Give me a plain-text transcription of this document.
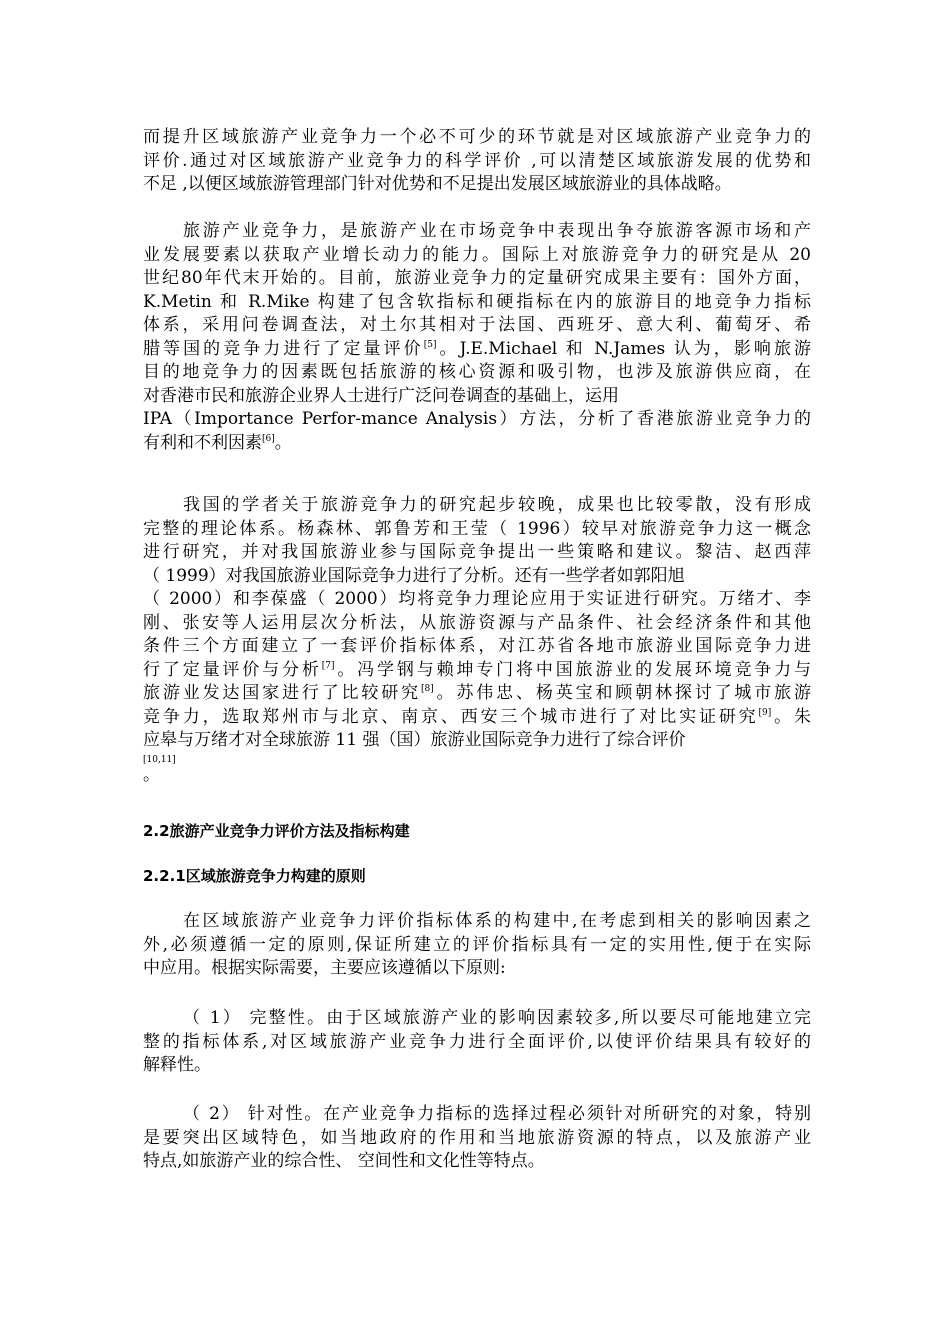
而提升区域旅游产业竞争力一个必不可少的环节就是对区域旅游产业竞争力的
评价.通过对区域旅游产业竞争力的科学评价 ,可以清楚区域旅游发展的优势和
不足 ,以便区域旅游管理部门针对优势和不足提出发展区域旅游业的具体战略。

旅游产业竞争力，是旅游产业在市场竞争中表现出争夺旅游客源市场和产
业发展要素以获取产业增长动力的能力。国际上对旅游竞争力的研究是从 20
世纪80年代末开始的。目前，旅游业竞争力的定量研究成果主要有：国外方面，
K.Metin 和 R.Mike 构建了包含软指标和硬指标在内的旅游目的地竞争力指标
体系，采用问卷调查法，对土尔其相对于法国、西班牙、意大利、葡萄牙、希
腊等国的竞争力进行了定量评价[5]。J.E.Michael 和 N.James 认为，影响旅游
目的地竞争力的因素既包括旅游的核心资源和吸引物，也涉及旅游供应商，在
对香港市民和旅游企业界人士进行广泛问卷调查的基础上，运用
IPA（Importance Perfor-mance Analysis）方法，分析了香港旅游业竞争力的
有利和不利因素[6]。

我国的学者关于旅游竞争力的研究起步较晚，成果也比较零散，没有形成
完整的理论体系。杨森林、郭鲁芳和王莹（ 1996）较早对旅游竞争力这一概念
进行研究，并对我国旅游业参与国际竞争提出一些策略和建议。黎洁、赵西萍
（ 1999）对我国旅游业国际竞争力进行了分析。还有一些学者如郭阳旭
（ 2000）和李葆盛（ 2000）均将竞争力理论应用于实证进行研究。万绪才、李
刚、张安等人运用层次分析法，从旅游资源与产品条件、社会经济条件和其他
条件三个方面建立了一套评价指标体系，对江苏省各地市旅游业国际竞争力进
行了定量评价与分析[7]。冯学钢与赖坤专门将中国旅游业的发展环境竞争力与
旅游业发达国家进行了比较研究[8]。苏伟忠、杨英宝和顾朝林探讨了城市旅游
竞争力，选取郑州市与北京、南京、西安三个城市进行了对比实证研究[9]。朱
应皋与万绪才对全球旅游 11 强（国）旅游业国际竞争力进行了综合评价
[10,11]
。

2.2旅游产业竞争力评价方法及指标构建

2.2.1区域旅游竞争力构建的原则

在区域旅游产业竞争力评价指标体系的构建中,在考虑到相关的影响因素之
外,必须遵循一定的原则,保证所建立的评价指标具有一定的实用性,便于在实际
中应用。根据实际需要，主要应该遵循以下原则:

（ 1） 完整性。由于区域旅游产业的影响因素较多,所以要尽可能地建立完
整的指标体系,对区域旅游产业竞争力进行全面评价,以使评价结果具有较好的
解释性。

（ 2） 针对性。在产业竞争力指标的选择过程必须针对所研究的对象，特别
是要突出区域特色，如当地政府的作用和当地旅游资源的特点，以及旅游产业
特点,如旅游产业的综合性、 空间性和文化性等特点。
